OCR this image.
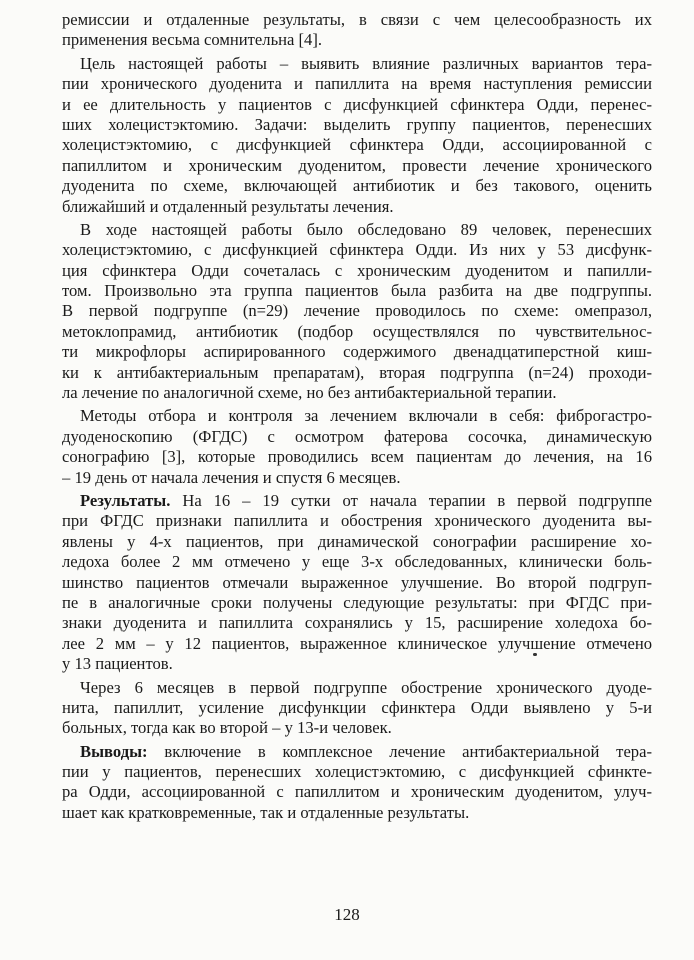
ремиссии и отдаленные результаты, в связи с чем целесообразность их
применения весьма сомнительна [4].
Цель настоящей работы – выявить влияние различных вариантов тера-
пии хронического дуоденита и папиллита на время наступления ремиссии
и ее длительность у пациентов с дисфункцией сфинктера Одди, перенес-
ших холецистэктомию. Задачи: выделить группу пациентов, перенесших
холецистэктомию, с дисфункцией сфинктера Одди, ассоциированной с
папиллитом и хроническим дуоденитом, провести лечение хронического
дуоденита по схеме, включающей антибиотик и без такового, оценить
ближайший и отдаленный результаты лечения.
В ходе настоящей работы было обследовано 89 человек, перенесших
холецистэктомию, с дисфункцией сфинктера Одди. Из них у 53 дисфунк-
ция сфинктера Одди сочеталась с хроническим дуоденитом и папилли-
том. Произвольно эта группа пациентов была разбита на две подгруппы.
В первой подгруппе (n=29) лечение проводилось по схеме: омепразол,
метоклопрамид, антибиотик (подбор осуществлялся по чувствительнос-
ти микрофлоры аспирированного содержимого двенадцатиперстной киш-
ки к антибактериальным препаратам), вторая подгруппа (n=24) проходи-
ла лечение по аналогичной схеме, но без антибактериальной терапии.
Методы отбора и контроля за лечением включали в себя: фиброгастро-
дуоденоскопию (ФГДС) с осмотром фатерова сосочка, динамическую
сонографию [3], которые проводились всем пациентам до лечения, на 16
– 19 день от начала лечения и спустя 6 месяцев.
Результаты. На 16 – 19 сутки от начала терапии в первой подгруппе
при ФГДС признаки папиллита и обострения хронического дуоденита вы-
явлены у 4-х пациентов, при динамической сонографии расширение хо-
ледоха более 2 мм отмечено у еще 3-х обследованных, клинически боль-
шинство пациентов отмечали выраженное улучшение. Во второй подгруп-
пе в аналогичные сроки получены следующие результаты: при ФГДС при-
знаки дуоденита и папиллита сохранялись у 15, расширение холедоха бо-
лее 2 мм – у 12 пациентов, выраженное клиническое улучшение отмечено
у 13 пациентов.
Через 6 месяцев в первой подгруппе обострение хронического дуоде-
нита, папиллит, усиление дисфункции сфинктера Одди выявлено у 5-и
больных, тогда как во второй – у 13-и человек.
Выводы: включение в комплексное лечение антибактериальной тера-
пии у пациентов, перенесших холецистэктомию, с дисфункцией сфинкте-
ра Одди, ассоциированной с папиллитом и хроническим дуоденитом, улуч-
шает как кратковременные, так и отдаленные результаты.
128
